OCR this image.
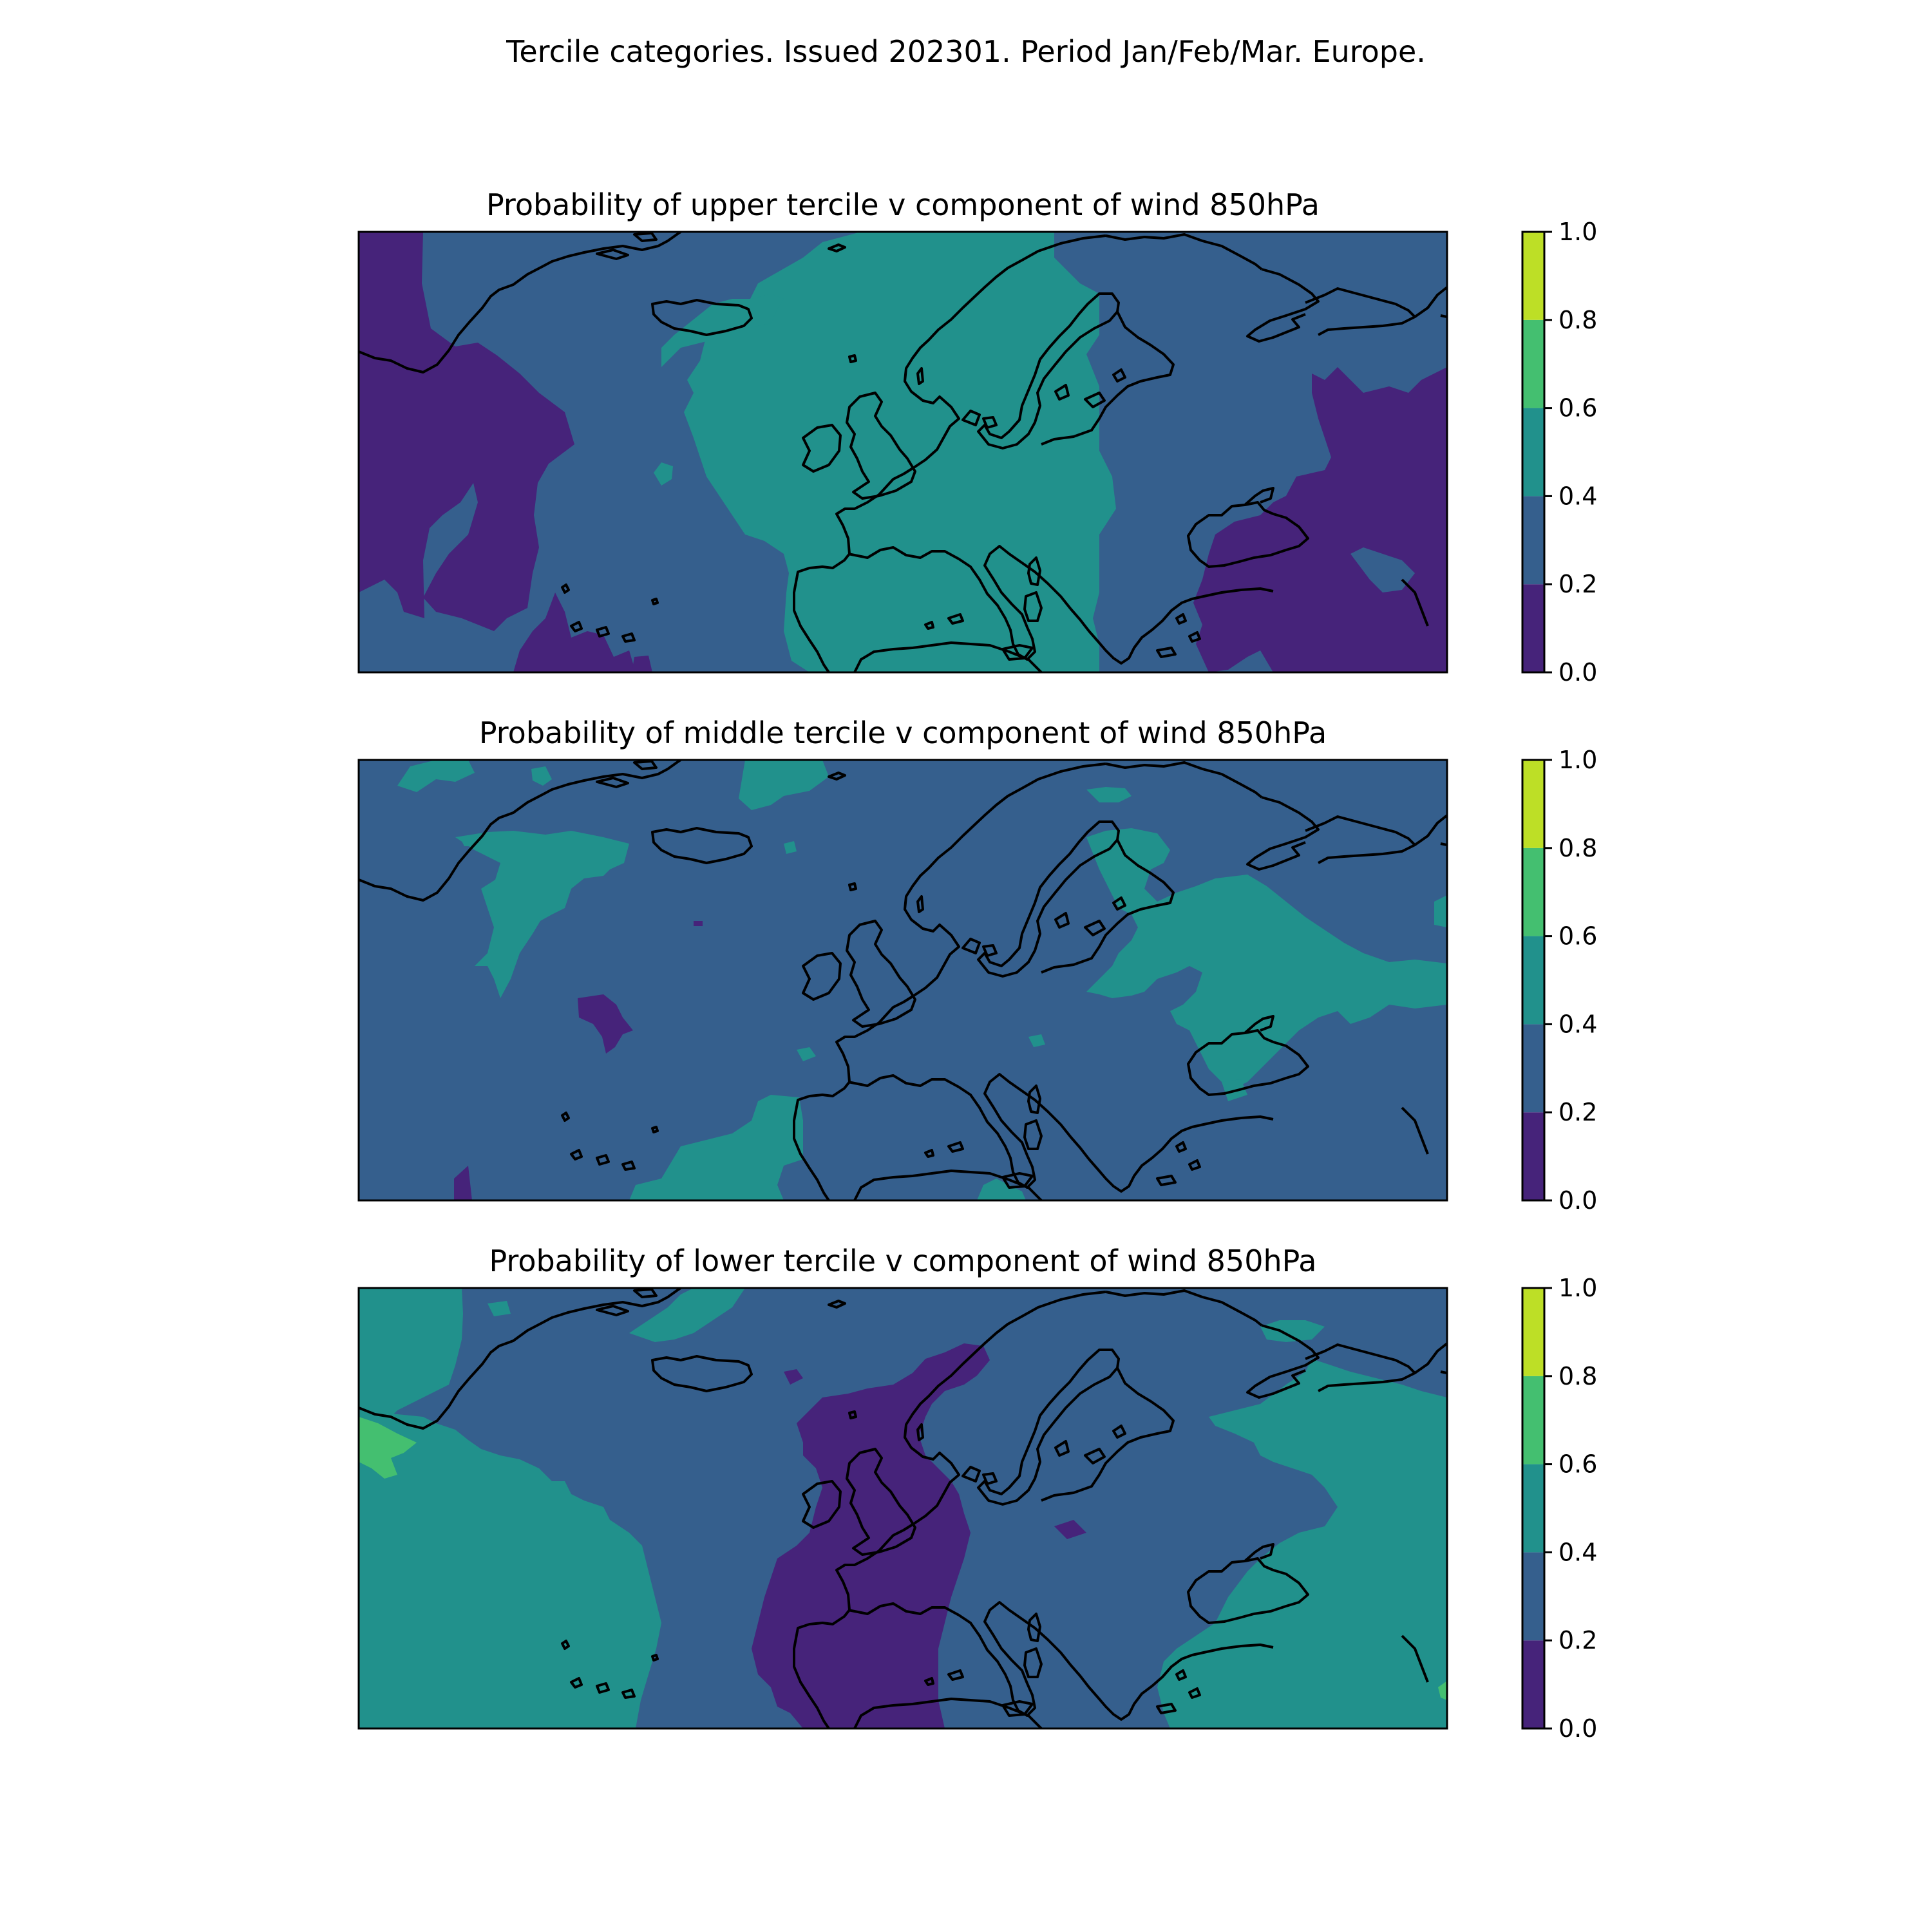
Tercile categories. Issued 202301. Period Jan/Feb/Mar. Europe.
Probability of upper tercile v component of wind 850hPa
Probability of middle tercile v component of wind 850hPa
Probability of lower tercile v component of wind 850hPa
0.0
0.2
0.4
0.6
0.8
1.0
0.0
0.2
0.4
0.6
0.8
1.0
0.0
0.2
0.4
0.6
0.8
1.0
